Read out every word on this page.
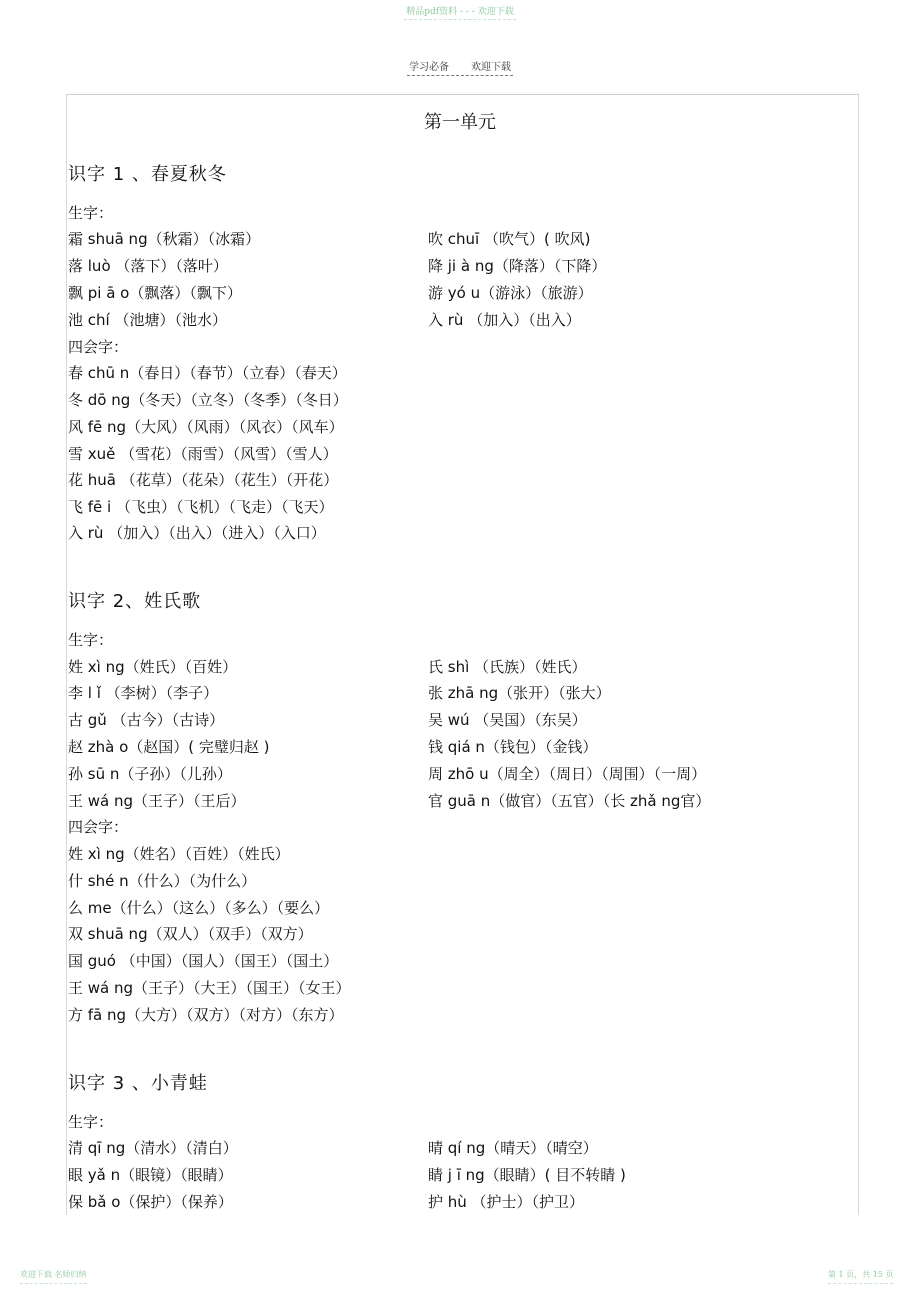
精品pdf资料 - - - 欢迎下载
学习必备 欢迎下载
第一单元
识字 1 、春夏秋冬
生字：
霜 shuā ng（秋霜）（冰霜）	吹 chuī （吹气）( 吹风)
落 luò （落下）（落叶）	降 ji à ng（降落）（下降）
飘 pi ā o（飘落）（飘下）	游 yó u（游泳）（旅游）
池 chí （池塘）（池水）	入 rù （加入）（出入）
四会字：
春 chū n（春日）（春节）（立春）（春天）
冬 dō ng（冬天）（立冬）（冬季）（冬日）
风 fē ng（大风）（风雨）（风衣）（风车）
雪 xuě （雪花）（雨雪）（风雪）（雪人）
花 huā （花草）（花朵）（花生）（开花）
飞 fē i （飞虫）（飞机）（飞走）（飞天）
入 rù （加入）（出入）（进入）（入口）
识字 2、姓氏歌
生字：
姓 xì ng（姓氏）（百姓）	氏 shì （氏族）（姓氏）
李 l ǐ （李树）（李子）	张 zhā ng（张开）（张大）
古 gǔ （古今）（古诗）	吴 wú （吴国）（东吴）
赵 zhà o（赵国）( 完璧归赵 )	钱 qiá n（钱包）（金钱）
孙 sū n（子孙）（儿孙）	周 zhō u（周全）（周日）（周围）（一周）
王 wá ng（王子）（王后）	官 guā n（做官）（五官）（长 zhǎ ng官）
四会字：
姓 xì ng（姓名）（百姓）（姓氏）
什 shé n（什么）（为什么）
么 me（什么）（这么）（多么）（要么）
双 shuā ng（双人）（双手）（双方）
国 guó （中国）（国人）（国王）（国土）
王 wá ng（王子）（大王）（国王）（女王）
方 fā ng（大方）（双方）（对方）（东方）
识字 3 、小青蛙
生字：
清 qī ng（清水）（清白）	晴 qí ng（晴天）（晴空）
眼 yǎ n（眼镜）（眼睛）	睛 j ī ng（眼睛）( 目不转睛 )
保 bǎ o（保护）（保养）	护 hù （护士）（护卫）
欢迎下载 名师归纳	第 1 页，共 15 页
